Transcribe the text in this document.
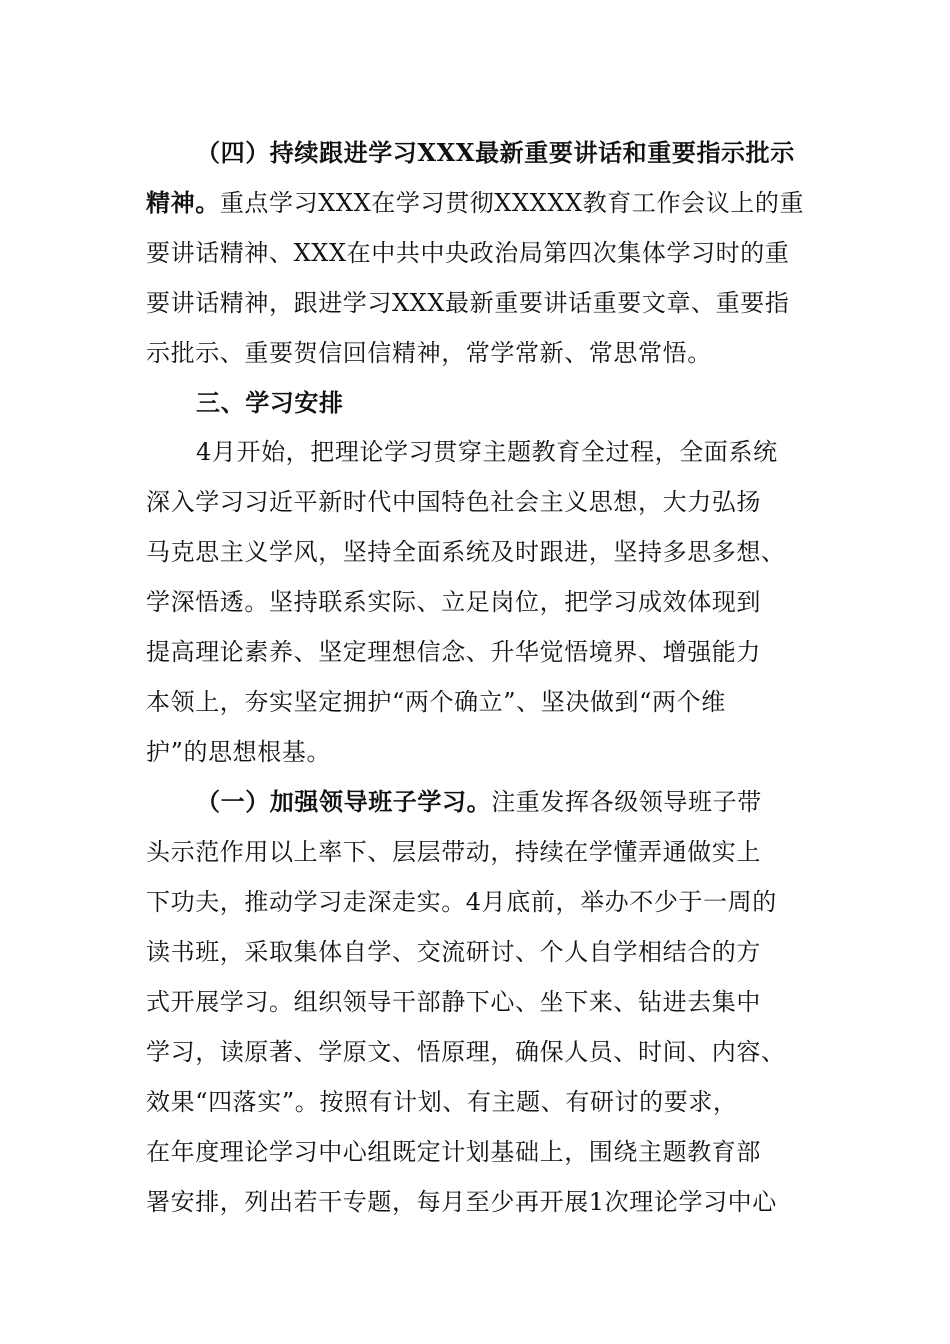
（四）持续跟进学习XXX最新重要讲话和重要指示批示
精神。重点学习XXX在学习贯彻XXXXX教育工作会议上的重
要讲话精神、XXX在中共中央政治局第四次集体学习时的重
要讲话精神，跟进学习XXX最新重要讲话重要文章、重要指
示批示、重要贺信回信精神，常学常新、常思常悟。
三、学习安排
4月开始，把理论学习贯穿主题教育全过程，全面系统
深入学习习近平新时代中国特色社会主义思想，大力弘扬
马克思主义学风，坚持全面系统及时跟进，坚持多思多想、
学深悟透。坚持联系实际、立足岗位，把学习成效体现到
提高理论素养、坚定理想信念、升华觉悟境界、增强能力
本领上，夯实坚定拥护“两个确立”、坚决做到“两个维
护”的思想根基。
（一）加强领导班子学习。注重发挥各级领导班子带
头示范作用以上率下、层层带动，持续在学懂弄通做实上
下功夫，推动学习走深走实。4月底前，举办不少于一周的
读书班，采取集体自学、交流研讨、个人自学相结合的方
式开展学习。组织领导干部静下心、坐下来、钻进去集中
学习，读原著、学原文、悟原理，确保人员、时间、内容、
效果“四落实”。按照有计划、有主题、有研讨的要求，
在年度理论学习中心组既定计划基础上，围绕主题教育部
署安排，列出若干专题，每月至少再开展1次理论学习中心
